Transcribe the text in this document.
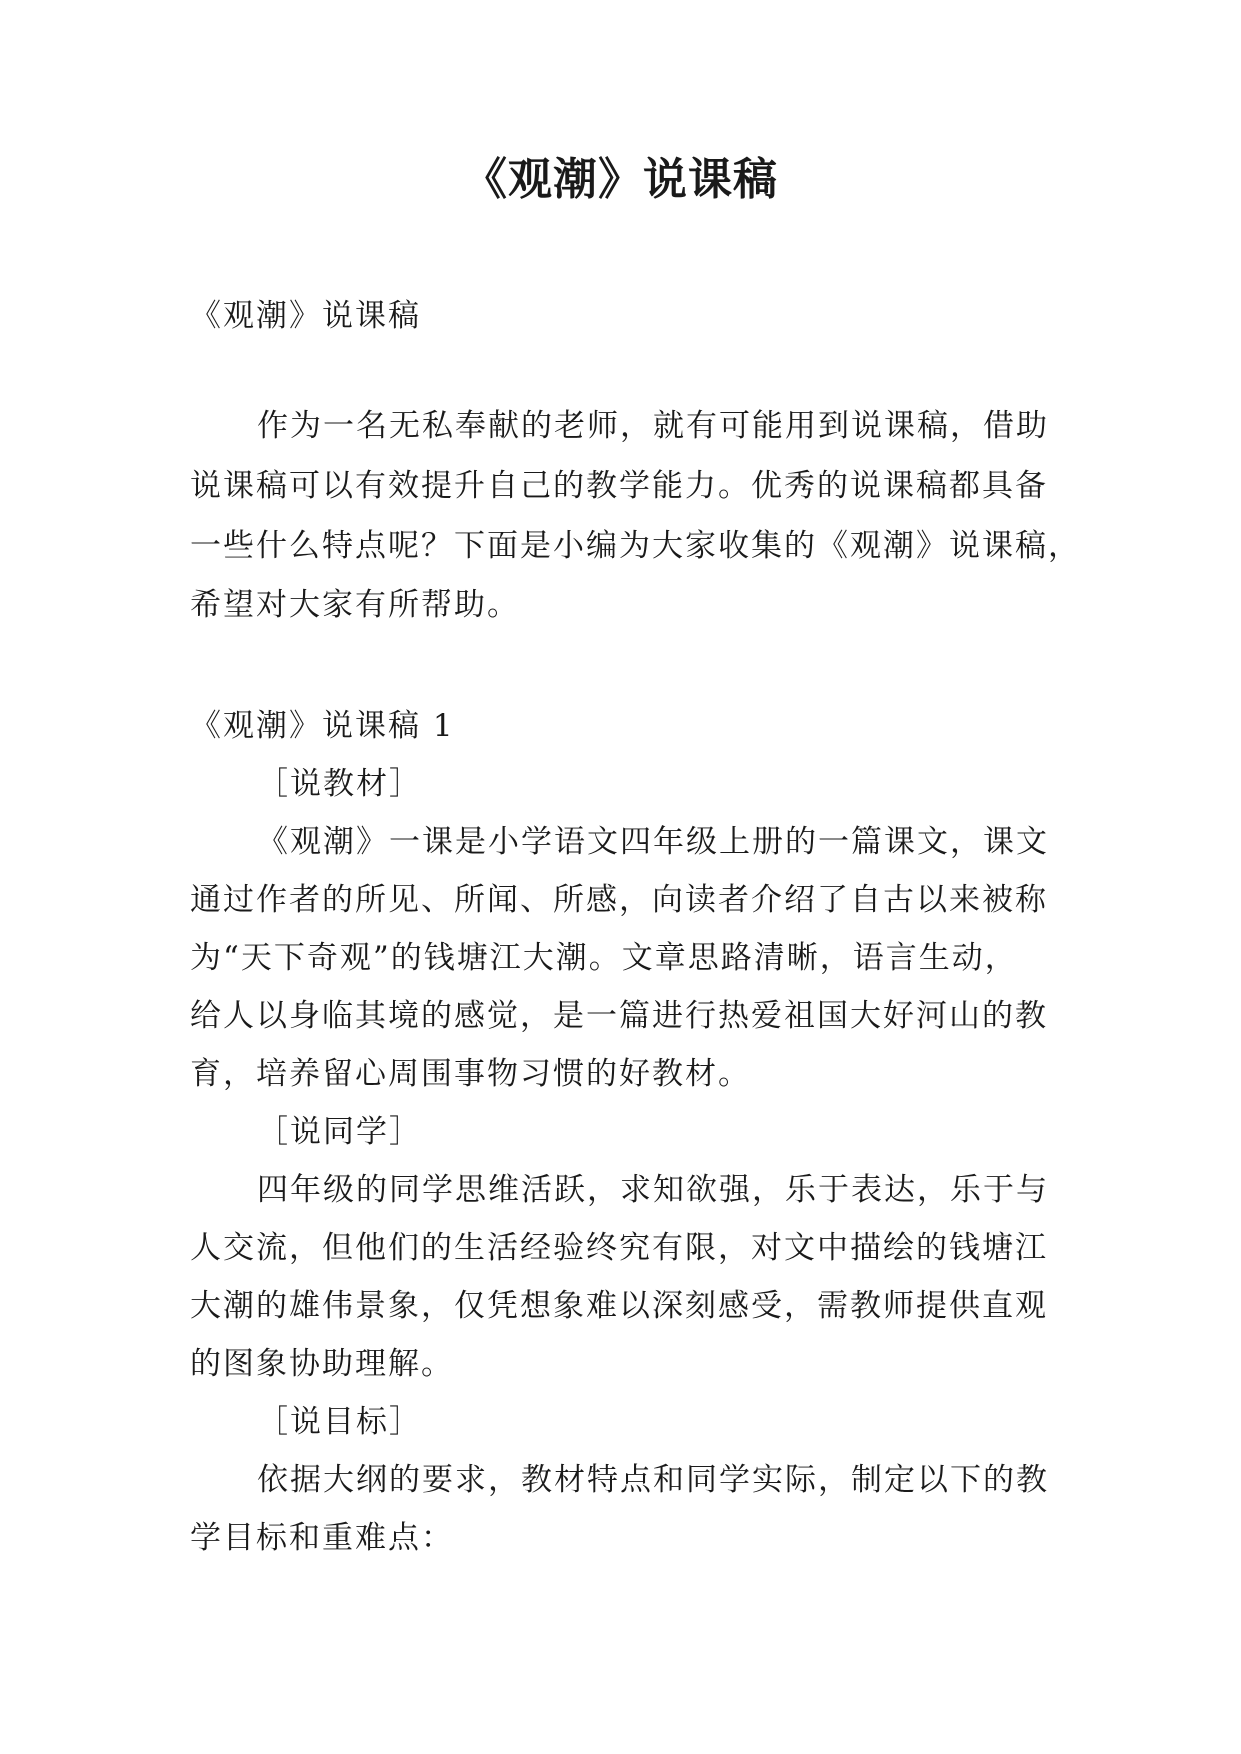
《观潮》说课稿
《观潮》说课稿
作为一名无私奉献的老师，就有可能用到说课稿，借助
说课稿可以有效提升自己的教学能力。优秀的说课稿都具备
一些什么特点呢？下面是小编为大家收集的《观潮》说课稿，
希望对大家有所帮助。
《观潮》说课稿 1
［说教材］
《观潮》一课是小学语文四年级上册的一篇课文，课文
通过作者的所见、所闻、所感，向读者介绍了自古以来被称
为“天下奇观”的钱塘江大潮。文章思路清晰，语言生动，
给人以身临其境的感觉，是一篇进行热爱祖国大好河山的教
育，培养留心周围事物习惯的好教材。
［说同学］
四年级的同学思维活跃，求知欲强，乐于表达，乐于与
人交流，但他们的生活经验终究有限，对文中描绘的钱塘江
大潮的雄伟景象，仅凭想象难以深刻感受，需教师提供直观
的图象协助理解。
［说目标］
依据大纲的要求，教材特点和同学实际，制定以下的教
学目标和重难点：
